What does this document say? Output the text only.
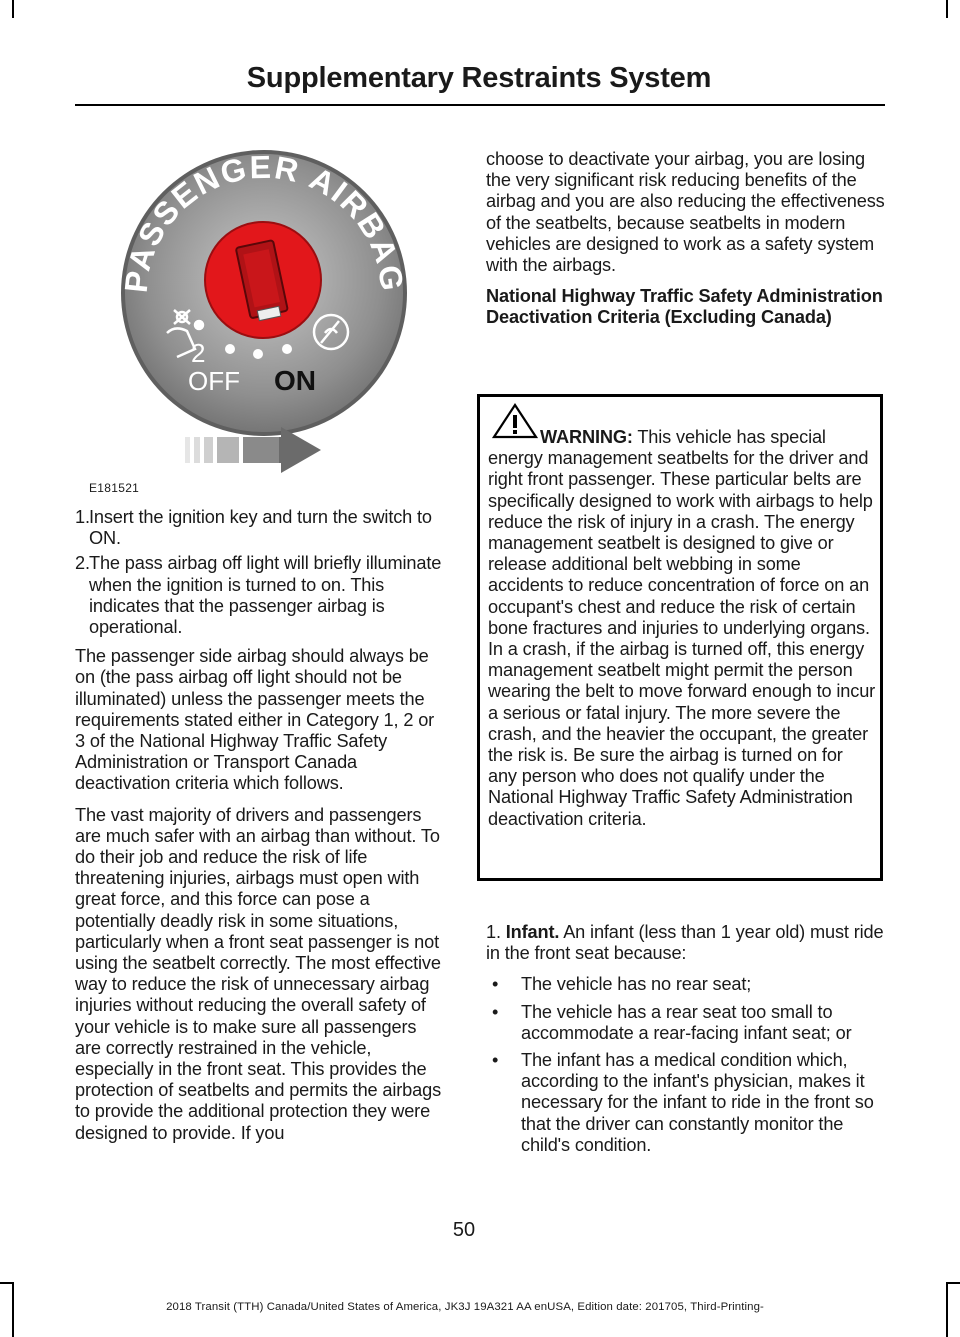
Supplementary Restraints System
PASSENGER AIRBAG
2
OFF ON
E181521
1. Insert the ignition key and turn the switch to ON.
2. The pass airbag off light will briefly illuminate when the ignition is turned to on. This indicates that the passenger airbag is operational.

The passenger side airbag should always be on (the pass airbag off light should not be illuminated) unless the passenger meets the requirements stated either in Category 1, 2 or 3 of the National Highway Traffic Safety Administration or Transport Canada deactivation criteria which follows.

The vast majority of drivers and passengers are much safer with an airbag than without. To do their job and reduce the risk of life threatening injuries, airbags must open with great force, and this force can pose a potentially deadly risk in some situations, particularly when a front seat passenger is not using the seatbelt correctly. The most effective way to reduce the risk of unnecessary airbag injuries without reducing the overall safety of your vehicle is to make sure all passengers are correctly restrained in the vehicle, especially in the front seat. This provides the protection of seatbelts and permits the airbags to provide the additional protection they were designed to provide. If you

choose to deactivate your airbag, you are losing the very significant risk reducing benefits of the airbag and you are also reducing the effectiveness of the seatbelts, because seatbelts in modern vehicles are designed to work as a safety system with the airbags.

National Highway Traffic Safety Administration Deactivation Criteria (Excluding Canada)
WARNING: This vehicle has special energy management seatbelts for the driver and right front passenger. These particular belts are specifically designed to work with airbags to help reduce the risk of injury in a crash. The energy management seatbelt is designed to give or release additional belt webbing in some accidents to reduce concentration of force on an occupant's chest and reduce the risk of certain bone fractures and injuries to underlying organs. In a crash, if the airbag is turned off, this energy management seatbelt might permit the person wearing the belt to move forward enough to incur a serious or fatal injury. The more severe the crash, and the heavier the occupant, the greater the risk is. Be sure the airbag is turned on for any person who does not qualify under the National Highway Traffic Safety Administration deactivation criteria.

1. Infant. An infant (less than 1 year old) must ride in the front seat because:

• The vehicle has no rear seat;
• The vehicle has a rear seat too small to accommodate a rear-facing infant seat; or
• The infant has a medical condition which, according to the infant's physician, makes it necessary for the infant to ride in the front so that the driver can constantly monitor the child's condition.
50
2018 Transit (TTH) Canada/United States of America, JK3J 19A321 AA enUSA, Edition date: 201705, Third-Printing-
